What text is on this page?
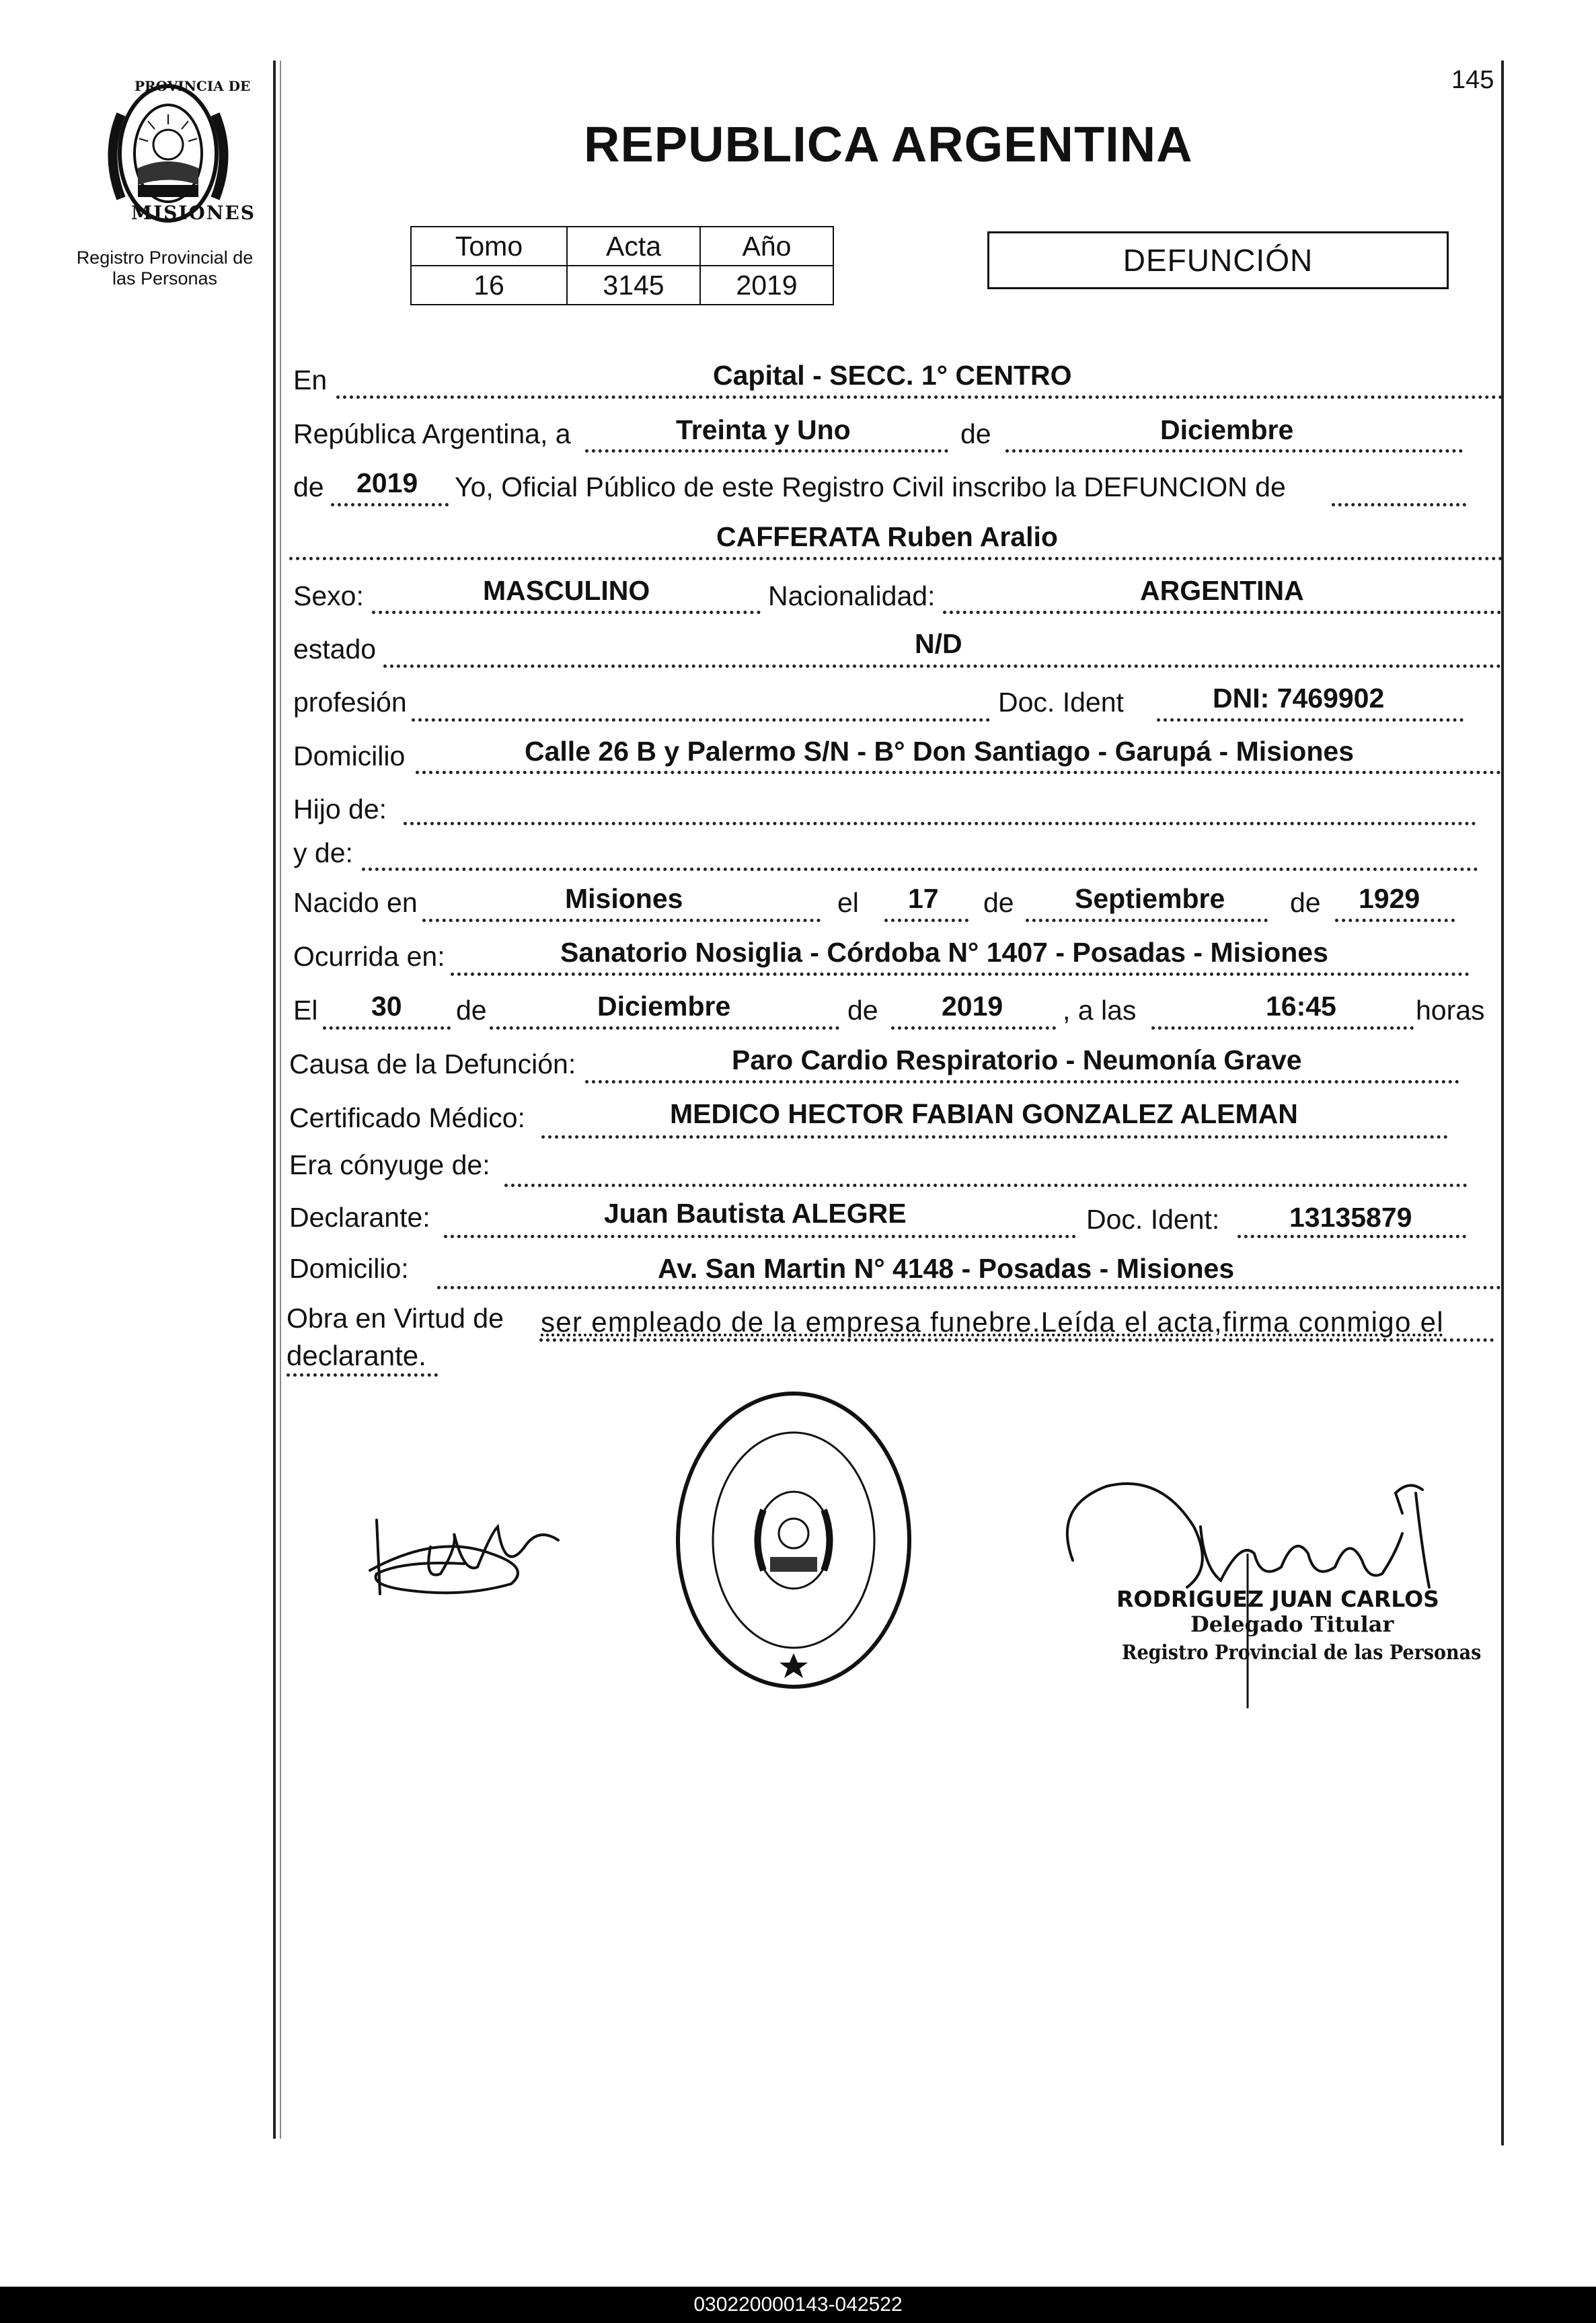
145
PROVINCIA DE
MISIONES
Registro Provincial de las Personas
REPUBLICA ARGENTINA
Tomo	Acta	Año
16	3145	2019
DEFUNCIÓN
En	Capital - SECC. 1° CENTRO
República Argentina, a	Treinta y Uno	de	Diciembre
de 2019 Yo, Oficial Público de este Registro Civil inscribo la DEFUNCION de
CAFFERATA Ruben Aralio
Sexo:	MASCULINO	Nacionalidad:	ARGENTINA
estado	N/D
profesión	Doc. Ident	DNI: 7469902
Domicilio	Calle 26 B y Palermo S/N - B° Don Santiago - Garupá - Misiones
Hijo de:
y de:
Nacido en	Misiones	el 17 de Septiembre de 1929
Ocurrida en:	Sanatorio Nosiglia - Córdoba N° 1407 - Posadas - Misiones
El 30 de	Diciembre	de 2019 , a las	16:45	horas
Causa de la Defunción:	Paro Cardio Respiratorio - Neumonía Grave
Certificado Médico:	MEDICO HECTOR FABIAN GONZALEZ ALEMAN
Era cónyuge de:
Declarante:	Juan Bautista ALEGRE	Doc. Ident:	13135879
Domicilio:	Av. San Martin N° 4148 - Posadas - Misiones
Obra en Virtud de ser empleado de la empresa funebre.Leída el acta,firma conmigo el
declarante.
RODRIGUEZ JUAN CARLOS
Delegado Titular
Registro Provincial de las Personas
030220000143-042522
